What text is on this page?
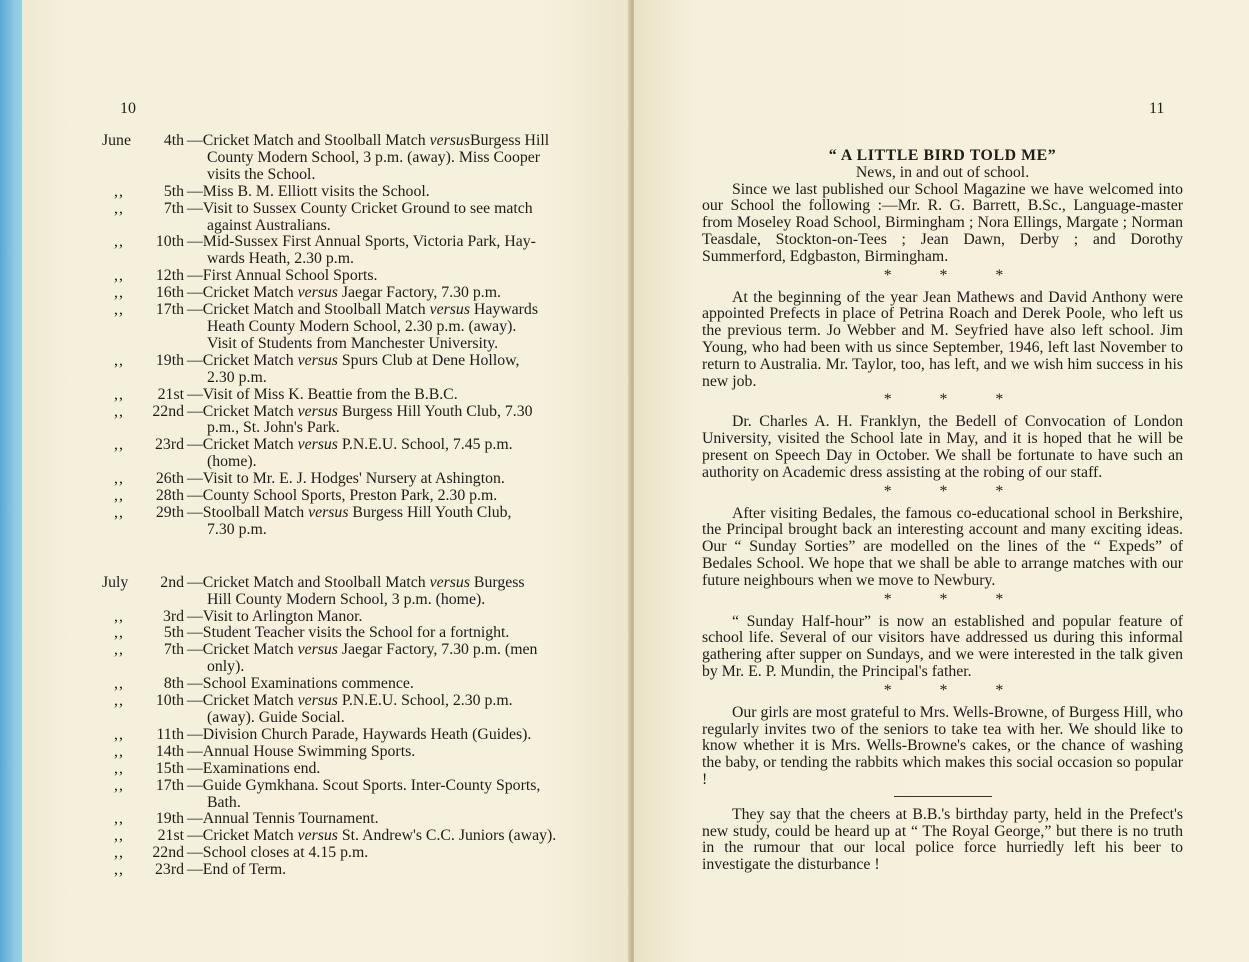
10
June	4th —Cricket Match and Stoolball Match versusBurgess Hill
County Modern School, 3 p.m. (away). Miss Cooper
visits the School.
,,	5th —Miss B. M. Elliott visits the School.
,,	7th —Visit to Sussex County Cricket Ground to see match
against Australians.
,,	10th —Mid-Sussex First Annual Sports, Victoria Park, Hay-
wards Heath, 2.30 p.m.
,,	12th —First Annual School Sports.
,,	16th —Cricket Match versus Jaegar Factory, 7.30 p.m.
,,	17th —Cricket Match and Stoolball Match versus Haywards
Heath County Modern School, 2.30 p.m. (away).
Visit of Students from Manchester University.
,,	19th —Cricket Match versus Spurs Club at Dene Hollow,
2.30 p.m.
,,	21st —Visit of Miss K. Beattie from the B.B.C.
,, 22nd —Cricket Match versus Burgess Hill Youth Club, 7.30
p.m., St. John's Park.
,,	23rd —Cricket Match versus P.N.E.U. School, 7.45 p.m.
(home).
,,	26th —Visit to Mr. E. J. Hodges' Nursery at Ashington.
,,	28th —County School Sports, Preston Park, 2.30 p.m.
,,	29th —Stoolball Match versus Burgess Hill Youth Club,
7.30 p.m.
July	2nd —Cricket Match and Stoolball Match versus Burgess
Hill County Modern School, 3 p.m. (home).
,,	3rd —Visit to Arlington Manor.
,,	5th —Student Teacher visits the School for a fortnight.
,,	7th —Cricket Match versus Jaegar Factory, 7.30 p.m. (men
only).
,,	8th —School Examinations commence.
,,	10th —Cricket Match versus P.N.E.U. School, 2.30 p.m.
(away). Guide Social.
,,	11th —Division Church Parade, Haywards Heath (Guides).
,,	14th —Annual House Swimming Sports.
,,	15th —Examinations end.
,,	17th —Guide Gymkhana. Scout Sports. Inter-County Sports,
Bath.
,,	19th —Annual Tennis Tournament.
,,	21st —Cricket Match versus St. Andrew's C.C. Juniors (away).
,, 22nd —School closes at 4.15 p.m.
,,	23rd —End of Term.
11

“ A LITTLE BIRD TOLD ME”

News, in and out of school.

Since we last published our School Magazine we have welcomed into our School the following :—Mr. R. G. Barrett, B.Sc., Language-master from Moseley Road School, Birmingham ; Nora Ellings, Margate ; Norman Teasdale, Stockton-on-Tees ; Jean Dawn, Derby ; and Dorothy Summerford, Edgbaston, Birmingham.

* * *

At the beginning of the year Jean Mathews and David Anthony were appointed Prefects in place of Petrina Roach and Derek Poole, who left us the previous term. Jo Webber and M. Seyfried have also left school. Jim Young, who had been with us since September, 1946, left last November to return to Australia. Mr. Taylor, too, has left, and we wish him success in his new job.

* * *

Dr. Charles A. H. Franklyn, the Bedell of Convocation of London University, visited the School late in May, and it is hoped that he will be present on Speech Day in October. We shall be fortunate to have such an authority on Academic dress assisting at the robing of our staff.

* * *

After visiting Bedales, the famous co-educational school in Berkshire, the Principal brought back an interesting account and many exciting ideas. Our “ Sunday Sorties” are modelled on the lines of the “ Expeds” of Bedales School. We hope that we shall be able to arrange matches with our future neighbours when we move to Newbury.

* * *

“ Sunday Half-hour” is now an established and popular feature of school life. Several of our visitors have addressed us during this informal gathering after supper on Sundays, and we were interested in the talk given by Mr. E. P. Mundin, the Principal's father.

* * *

Our girls are most grateful to Mrs. Wells-Browne, of Burgess Hill, who regularly invites two of the seniors to take tea with her. We should like to know whether it is Mrs. Wells-Browne's cakes, or the chance of washing the baby, or tending the rabbits which makes this social occasion so popular !

They say that the cheers at B.B.'s birthday party, held in the Prefect's new study, could be heard up at “ The Royal George,” but there is no truth in the rumour that our local police force hurriedly left his beer to investigate the disturbance !
